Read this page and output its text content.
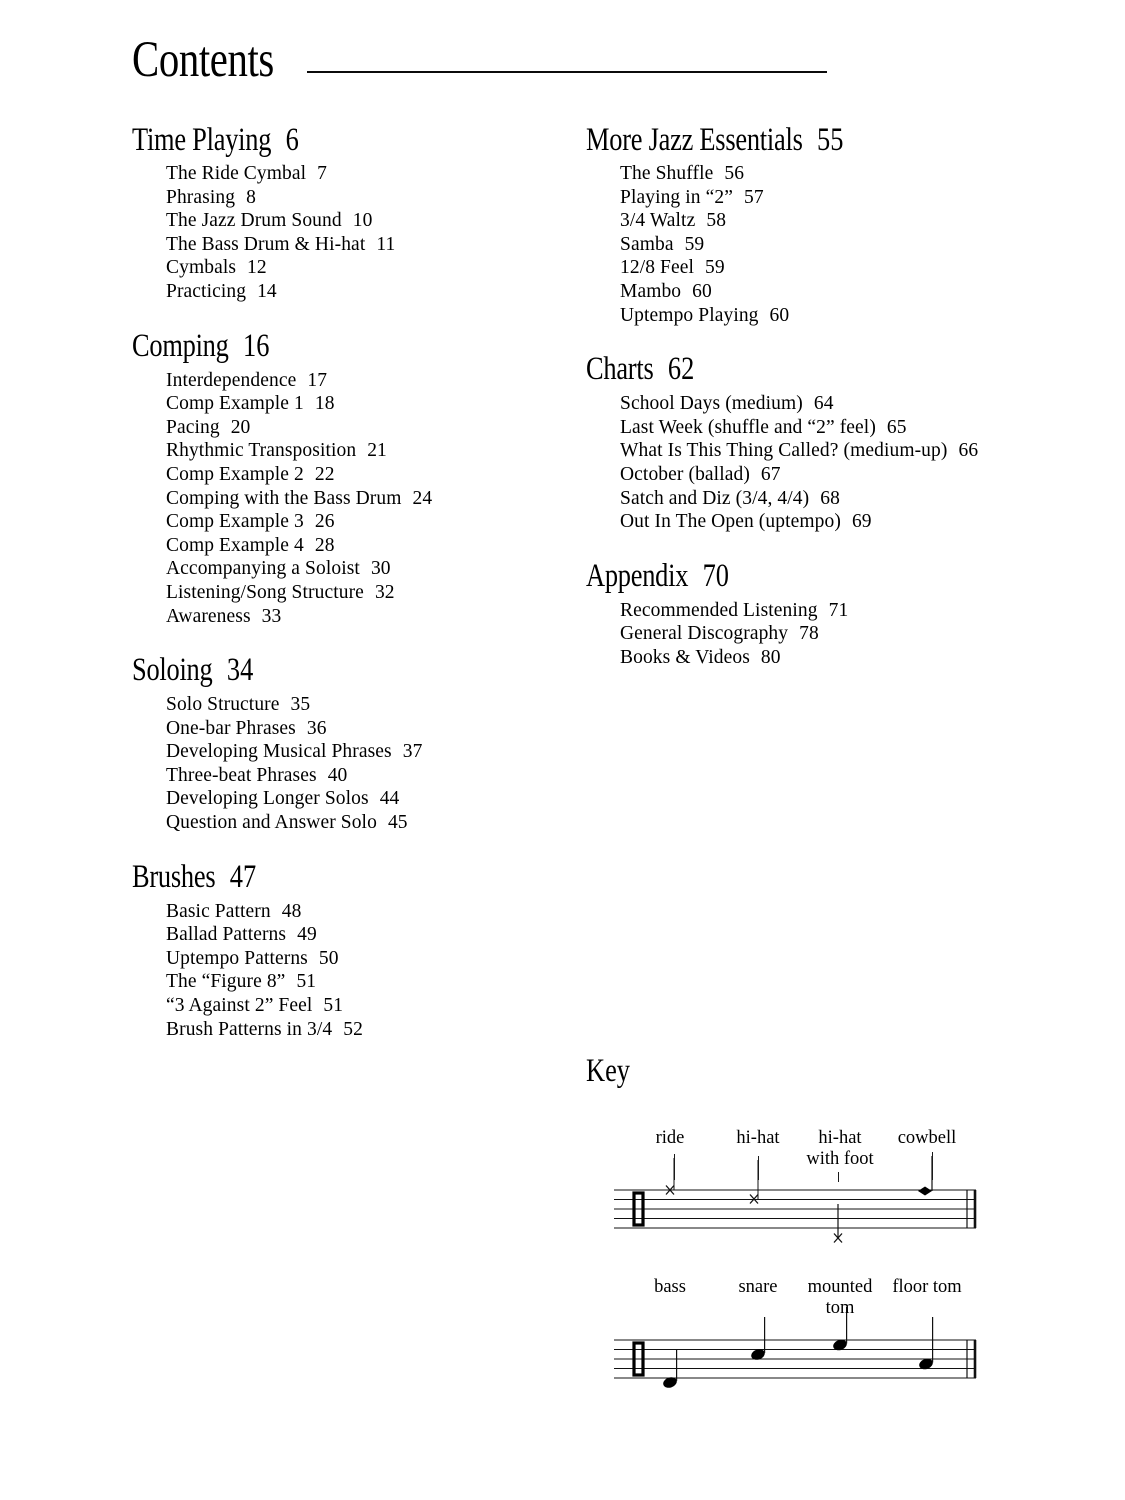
Contents
Time Playing 6
The Ride Cymbal 7
Phrasing 8
The Jazz Drum Sound 10
The Bass Drum & Hi-hat 11
Cymbals 12
Practicing 14
Comping 16
Interdependence 17
Comp Example 1 18
Pacing 20
Rhythmic Transposition 21
Comp Example 2 22
Comping with the Bass Drum 24
Comp Example 3 26
Comp Example 4 28
Accompanying a Soloist 30
Listening/Song Structure 32
Awareness 33
Soloing 34
Solo Structure 35
One-bar Phrases 36
Developing Musical Phrases 37
Three-beat Phrases 40
Developing Longer Solos 44
Question and Answer Solo 45
Brushes 47
Basic Pattern 48
Ballad Patterns 49
Uptempo Patterns 50
The “Figure 8” 51
“3 Against 2” Feel 51
Brush Patterns in 3/4 52
More Jazz Essentials 55
The Shuffle 56
Playing in “2” 57
3/4 Waltz 58
Samba 59
12/8 Feel 59
Mambo 60
Uptempo Playing 60
Charts 62
School Days (medium) 64
Last Week (shuffle and “2” feel) 65
What Is This Thing Called? (medium-up) 66
October (ballad) 67
Satch and Diz (3/4, 4/4) 68
Out In The Open (uptempo) 69
Appendix 70
Recommended Listening 71
General Discography 78
Books & Videos 80
Key
ride	hi-hat	hi-hat
with foot
cowbell
bass	snare mounted
tom
floor tom
